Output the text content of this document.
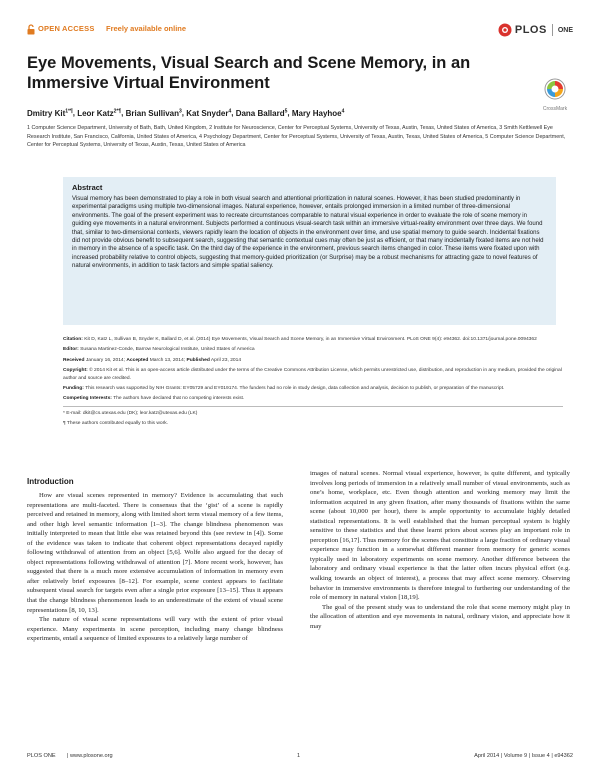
OPEN ACCESS Freely available online	PLOS ONE
Eye Movements, Visual Search and Scene Memory, in an Immersive Virtual Environment
CrossMark
Dmitry Kit$^{1*\P}$, Leor Katz$^{2*\P}$, Brian Sullivan$^3$, Kat Snyder$^4$, Dana Ballard$^5$, Mary Hayhoe$^4$
1 Computer Science Department, University of Bath, Bath, United Kingdom, 2 Institute for Neuroscience, Center for Perceptual Systems, University of Texas, Austin, Texas, United States of America, 3 Smith Kettlewell Eye Research Institute, San Francisco, California, United States of America, 4 Psychology Department, Center for Perceptual Systems, University of Texas, Austin, Texas, United States of America, 5 Computer Science Department, Center for Perceptual Systems, University of Texas, Austin, Texas, United States of America
Abstract
Visual memory has been demonstrated to play a role in both visual search and attentional prioritization in natural scenes. However, it has been studied predominantly in experimental paradigms using multiple two-dimensional images. Natural experience, however, entails prolonged immersion in a limited number of three-dimensional environments. The goal of the present experiment was to recreate circumstances comparable to natural visual experience in order to evaluate the role of scene memory in guiding eye movements in a natural environment. Subjects performed a continuous visual-search task within an immersive virtual-reality environment over three days. We found that, similar to two-dimensional contexts, viewers rapidly learn the location of objects in the environment over time, and use spatial memory to guide search. Incidental fixations did not provide obvious benefit to subsequent search, suggesting that semantic contextual cues may often be just as efficient, or that many incidentally fixated items are not held in memory in the absence of a specific task. On the third day of the experience in the environment, previous search items changed in color. These items were fixated upon with increased probability relative to control objects, suggesting that memory-guided prioritization (or Surprise) may be a robust mechanisms for attracting gaze to novel features of natural environments, in addition to task factors and simple spatial saliency.

Citation: Kit D, Katz L, Sullivan B, Snyder K, Ballard D, et al. (2014) Eye Movements, Visual Search and Scene Memory, in an Immersive Virtual Environment. PLoS ONE 9(4): e94362. doi:10.1371/journal.pone.0094362

Editor: Susana Martinez-Conde, Barrow Neurological Institute, United States of America

Received January 16, 2014; Accepted March 13, 2014; Published April 23, 2014

Copyright: © 2014 Kit et al. This is an open-access article distributed under the terms of the Creative Commons Attribution License, which permits unrestricted use, distribution, and reproduction in any medium, provided the original author and source are credited.

Funding: This research was supported by NIH Grants: EY05729 and EY019174. The funders had no role in study design, data collection and analysis, decision to publish, or preparation of the manuscript.

Competing Interests: The authors have declared that no competing interests exist.

* E-mail: dkit@cs.utexas.edu (DK); leor.katz@utexas.edu (LK)

¶ These authors contributed equally to this work.

Introduction

How are visual scenes represented in memory? Evidence is accumulating that such representations are multi-faceted. There is consensus that the ‘gist’ of a scene is rapidly perceived and retained in memory, along with limited short term visual memory of a few items, and other high level semantic information [1–3]. The change blindness phenomenon was initially interpreted to mean that little else was retained beyond this (see review in [4]). Some of the evidence was taken to indicate that coherent object representations decayed rapidly following withdrawal of attention from an object [5,6]. Wolfe also argued for the decay of object representations following withdrawal of attention [7]. More recent work, however, has suggested that there is a much more extensive accumulation of information in memory even after relatively brief exposures [8–12]. For example, scene context appears to facilitate subsequent visual search for targets even after a single prior exposure [13–15]. Thus it appears that the change blindness phenomenon leads to an underestimate of the extent of visual scene representations [8, 10, 13].

The nature of visual scene representations will vary with the extent of prior visual experience. Many experiments in scene perception, including many change blindness experiments, entail a sequence of limited exposures to a relatively large number of

images of natural scenes. Normal visual experience, however, is quite different, and typically involves long periods of immersion in a relatively small number of visual environments, such as one’s home, workplace, etc. Even though attention and working memory may limit the information acquired in any given fixation, after many thousands of fixations within the same scene (about 10,000 per hour), there is ample opportunity to accumulate highly detailed statistical representations. It is well established that the human perceptual system is highly sensitive to these statistics and that these learnt priors about scenes play an important role in perception [16,17]. Thus memory for the scenes that constitute a large fraction of ordinary visual experience may function in a somewhat different manner from memory for generic scenes typically used in laboratory experiments on scene memory. Another difference between the laboratory and ordinary visual experience is that the latter often incurs physical effort (e.g. walking towards an object of interest), a process that may affect scene memory. Observing behavior in immersive environments is therefore integral to furthering our understanding of the role of memory in natural vision [18,19].

The goal of the present study was to understand the role that scene memory might play in the allocation of attention and eye movements in natural, ordinary vision, and appreciate how it may

PLOS ONE | www.plosone.org	1	April 2014 | Volume 9 | Issue 4 | e94362
